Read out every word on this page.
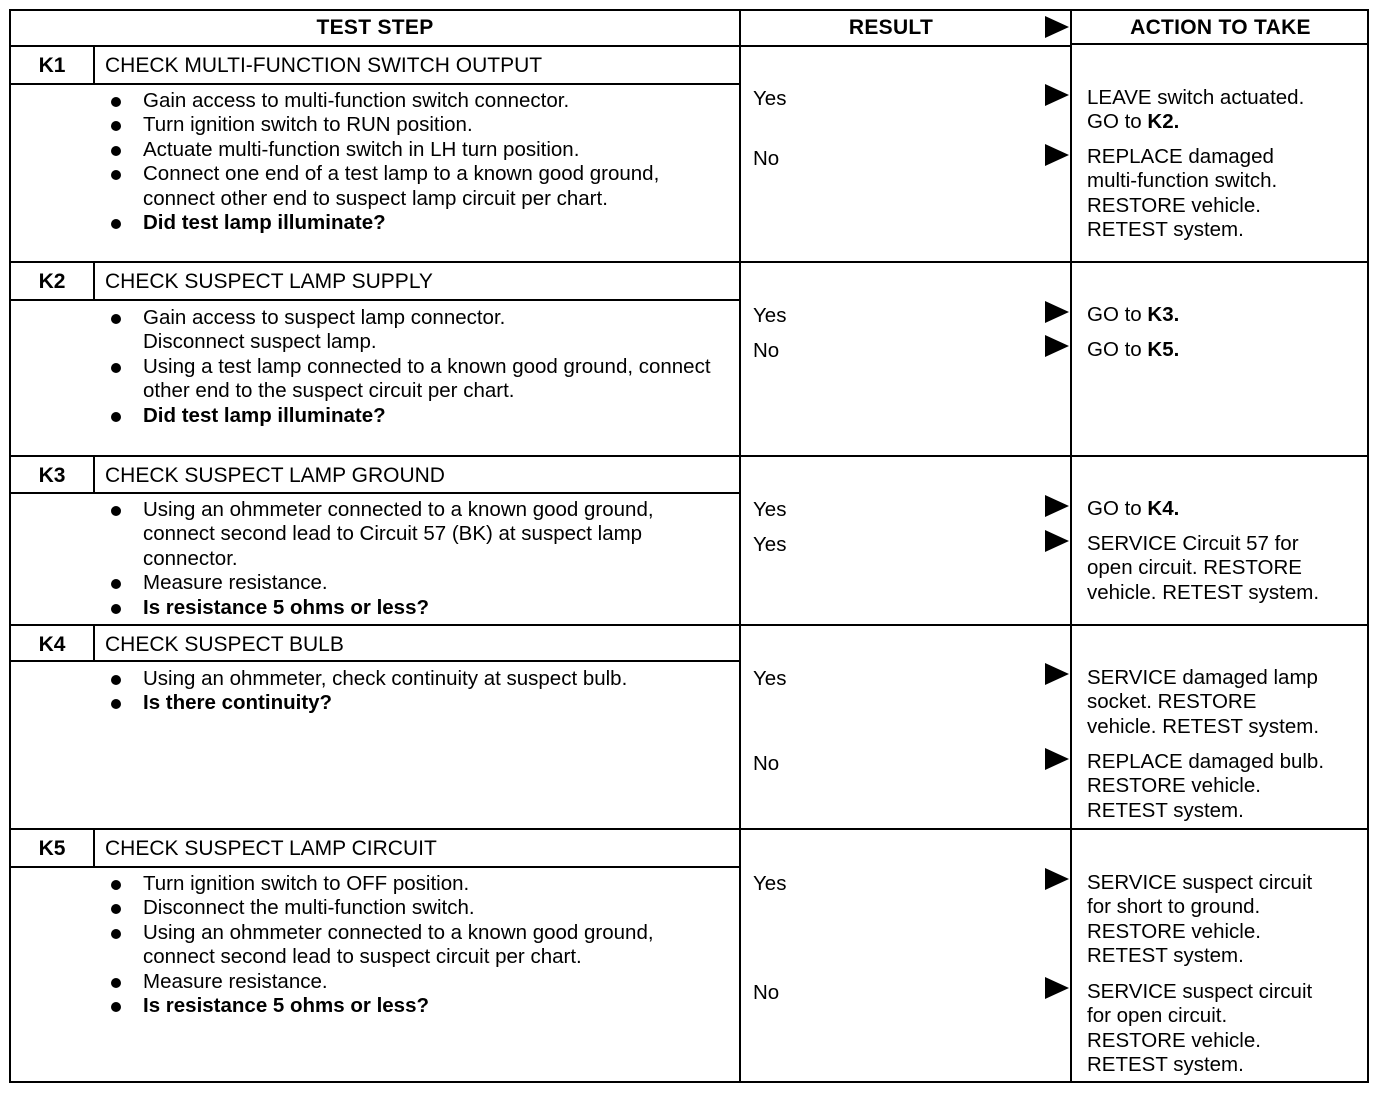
TEST STEP	RESULT	ACTION TO TAKE
K1	CHECK MULTI-FUNCTION SWITCH OUTPUT
Gain access to multi-function switch connector.
Turn ignition switch to RUN position.
Actuate multi-function switch in LH turn position.
Connect one end of a test lamp to a known good ground, connect other end to suspect lamp circuit per chart.
Did test lamp illuminate?
Yes	LEAVE switch actuated.
GO to K2.
No	REPLACE damaged
multi-function switch.
RESTORE vehicle.
RETEST system.
K2	CHECK SUSPECT LAMP SUPPLY
Gain access to suspect lamp connector. Disconnect suspect lamp.
Using a test lamp connected to a known good ground, connect other end to the suspect circuit per chart.
Did test lamp illuminate?
Yes	GO to K3.
No	GO to K5.
K3	CHECK SUSPECT LAMP GROUND
Using an ohmmeter connected to a known good ground, connect second lead to Circuit 57 (BK) at suspect lamp connector.
Measure resistance.
Is resistance 5 ohms or less?
Yes	GO to K4.
Yes	SERVICE Circuit 57 for
open circuit. RESTORE
vehicle. RETEST system.
K4	CHECK SUSPECT BULB
Using an ohmmeter, check continuity at suspect bulb.
Is there continuity?
Yes	SERVICE damaged lamp
socket. RESTORE
vehicle. RETEST system.
No	REPLACE damaged bulb.
RESTORE vehicle.
RETEST system.
K5	CHECK SUSPECT LAMP CIRCUIT
Turn ignition switch to OFF position.
Disconnect the multi-function switch.
Using an ohmmeter connected to a known good ground, connect second lead to suspect circuit per chart.
Measure resistance.
Is resistance 5 ohms or less?
Yes	SERVICE suspect circuit
for short to ground.
RESTORE vehicle.
RETEST system.
No	SERVICE suspect circuit
for open circuit.
RESTORE vehicle.
RETEST system.
